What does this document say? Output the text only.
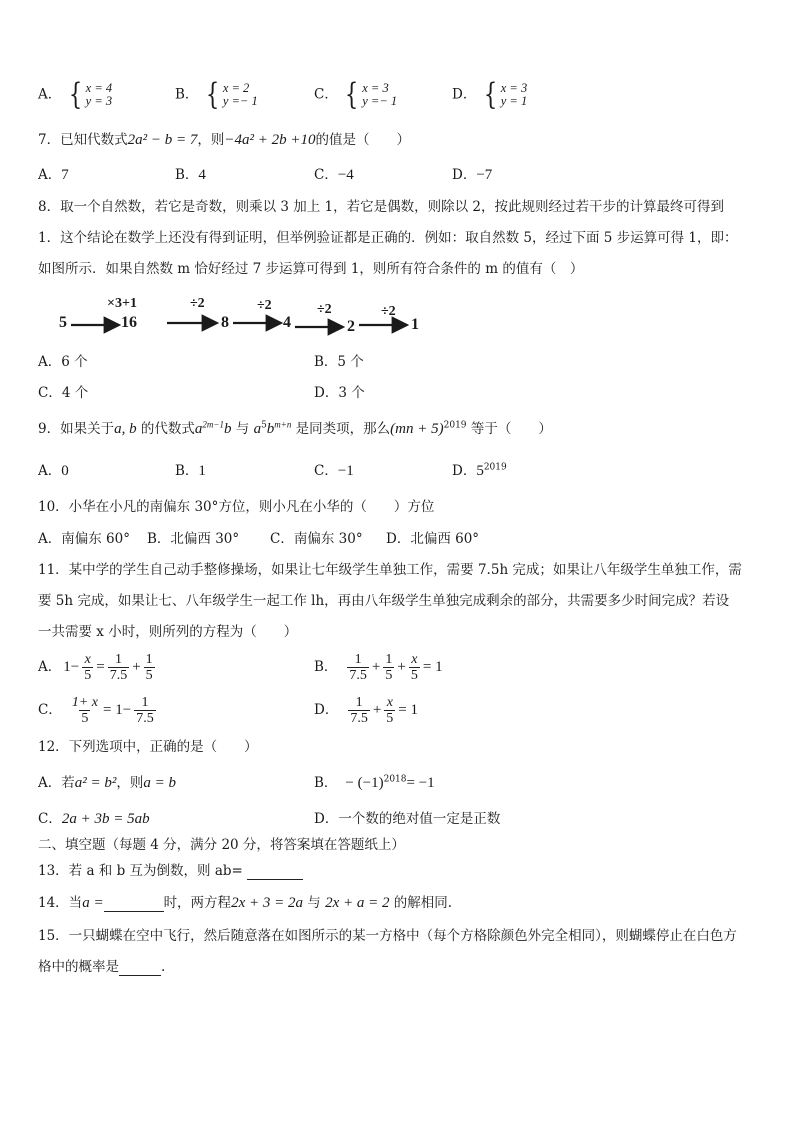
A． { x = 4
y = 3	B． { x = 2
y =− 1	C． { x = 3
y =− 1	D． { x = 3
y = 1
7．已知代数式2a² − b = 7，则−4a² + 2b +10的值是（　　）
A．7	B．4	C．−4	D．−7
8．取一个自然数，若它是奇数，则乘以 3 加上 1，若它是偶数，则除以 2，按此规则经过若干步的计算最终可得到
1．这个结论在数学上还没有得到证明，但举例验证都是正确的．例如：取自然数 5，经过下面 5 步运算可得 1，即：
如图所示．如果自然数 m 恰好经过 7 步运算可得到 1，则所有符合条件的 m 的值有（　）
5	16	8	4	2	1
×3+1	÷2	÷2	÷2	÷2
A．6 个	B．5 个
C．4 个	D．3 个
9．如果关于a, b 的代数式$a^{2m-1}b$ 与 $a^5b^{m+n}$ 是同类项，那么(mn + 5)$^{2019}$ 等于（　　）
A．0	B．1	C．−1	D．$5^{2019}$
10．小华在小凡的南偏东 30°方位，则小凡在小华的（　　）方位
A．南偏东 60° B．北偏西 30° C．南偏东 30° D．北偏西 60°
11．某中学的学生自己动手整修操场，如果让七年级学生单独工作，需要 7.5h 完成；如果让八年级学生单独工作，需
要 5h 完成，如果让七、八年级学生一起工作 lh，再由八年级学生单独完成剩余的部分，共需要多少时间完成？若设
一共需要 x 小时，则所列的方程为（　　）
A． $1- \frac{x}{5} = \frac{1}{7.5} + \frac{1}{5}$	B． $\frac{1}{7.5} + \frac{1}{5} + \frac{x}{5} = 1$
C． $\frac{1+ x}{5} = 1- \frac{1}{7.5}$	D． $\frac{1}{7.5} + \frac{x}{5} = 1$
12．下列选项中，正确的是（　　）
A．若a² = b²，则a = b	B． − $(-1)^{2018}= -1$
C．2a + 3b = 5ab	D．一个数的绝对值一定是正数
二、填空题（每题 4 分，满分 20 分，将答案填在答题纸上）
13．若 a 和 b 互为倒数，则 ab=
14．当a =	时，两方程2x + 3 = 2a 与 2x + a = 2 的解相同.
15．一只蝴蝶在空中飞行，然后随意落在如图所示的某一方格中（每个方格除颜色外完全相同），则蝴蝶停止在白色方
格中的概率是	.
